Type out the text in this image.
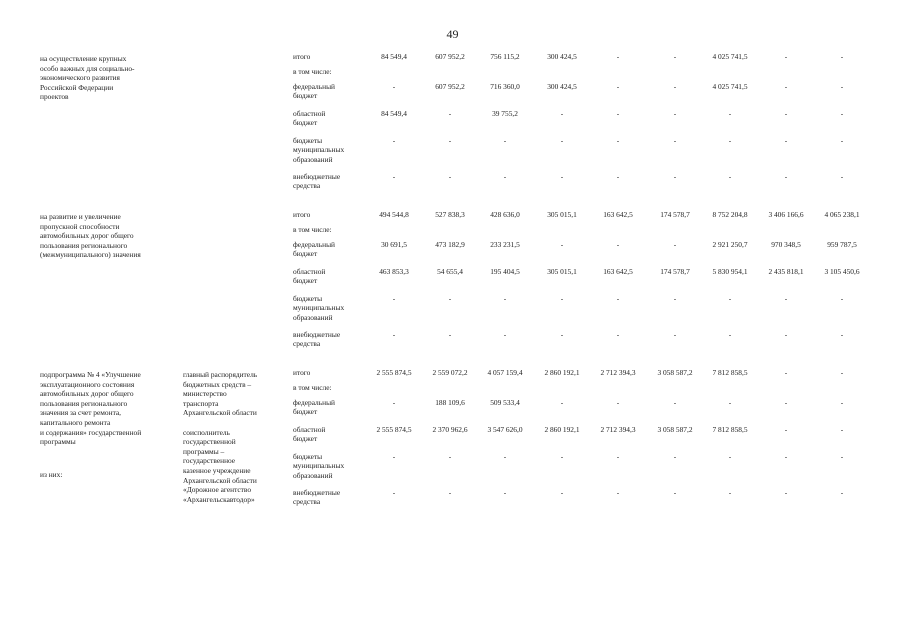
49
на осуществление крупных
особо важных для социально-
экономического развития
Российской Федерации
проектов
итого	84 549,4	607 952,2	756 115,2	300 424,5	-	-	4 025 741,5	-	-
в том числе:
федеральный
бюджет
-	607 952,2	716 360,0	300 424,5	-	-	4 025 741,5	-	-
областной
бюджет
84 549,4	-	39 755,2	-	-	-	-	-	-
бюджеты
муниципальных
образований
-	-	-	-	-	-	-	-	-
внебюджетные
средства
-	-	-	-	-	-	-	-	-
на развитие и увеличение
пропускной способности
автомобильных дорог общего
пользования регионального
(межмуниципального) значения
итого	494 544,8	527 838,3	428 636,0	305 015,1	163 642,5	174 578,7	8 752 204,8	3 406 166,6	4 065 238,1
в том числе:
федеральный
бюджет
30 691,5	473 182,9	233 231,5	-	-	-	2 921 250,7	970 348,5	959 787,5
областной
бюджет
463 853,3	54 655,4	195 404,5	305 015,1	163 642,5	174 578,7	5 830 954,1	2 435 818,1	3 105 450,6
бюджеты
муниципальных
образований
-	-	-	-	-	-	-	-	-
внебюджетные
средства
-	-	-	-	-	-	-	-	-
подпрограмма № 4 «Улучшение
эксплуатационного состояния
автомобильных дорог общего
пользования регионального
значения за счет ремонта,
капитального ремонта
и содержания» государственной
программы
главный распорядитель
бюджетных средств –
министерство
транспорта
Архангельской области

соисполнитель
государственной
программы –
государственное
казенное учреждение
Архангельской области
«Дорожное агентство
«Архангельскавтодор»
из них:
итого	2 555 874,5	2 559 072,2	4 057 159,4	2 860 192,1	2 712 394,3	3 058 587,2	7 812 858,5	-	-
в том числе:
федеральный
бюджет
-	188 109,6	509 533,4	-	-	-	-	-	-
областной
бюджет
2 555 874,5	2 370 962,6	3 547 626,0	2 860 192,1	2 712 394,3	3 058 587,2	7 812 858,5	-	-
бюджеты
муниципальных
образований
-	-	-	-	-	-	-	-	-
внебюджетные
средства
-	-	-	-	-	-	-	-	-
